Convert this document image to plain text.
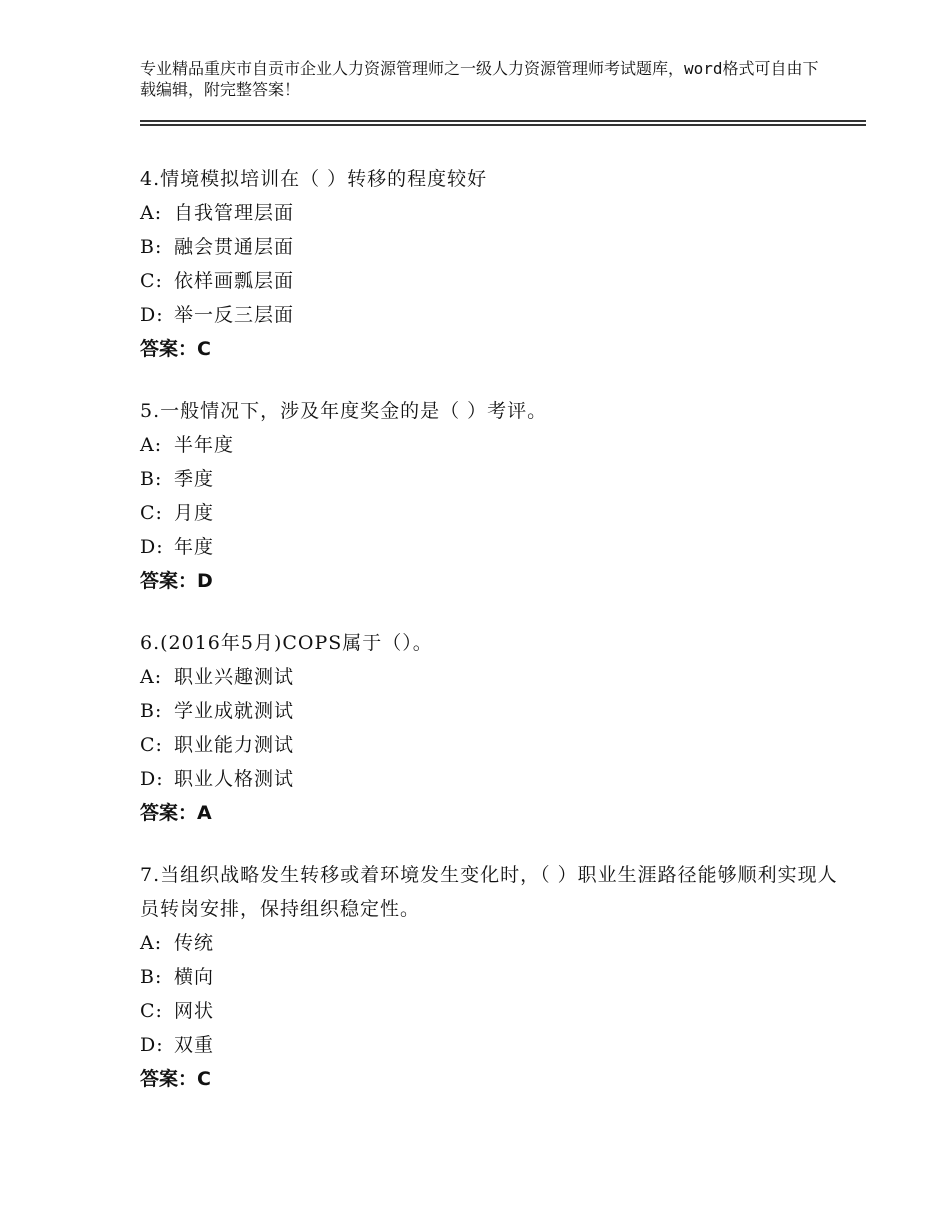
专业精品重庆市自贡市企业人力资源管理师之一级人力资源管理师考试题库，word格式可自由下载编辑，附完整答案！
4.情境模拟培训在（ ）转移的程度较好
A: 自我管理层面
B: 融会贯通层面
C: 依样画瓢层面
D: 举一反三层面
答案：C
5.一般情况下，涉及年度奖金的是（ ）考评。
A: 半年度
B: 季度
C: 月度
D: 年度
答案：D
6.(2016年5月)COPS属于（）。
A: 职业兴趣测试
B: 学业成就测试
C: 职业能力测试
D: 职业人格测试
答案：A
7.当组织战略发生转移或着环境发生变化时，（ ）职业生涯路径能够顺利实现人员转岗安排，保持组织稳定性。
A: 传统
B: 横向
C: 网状
D: 双重
答案：C
